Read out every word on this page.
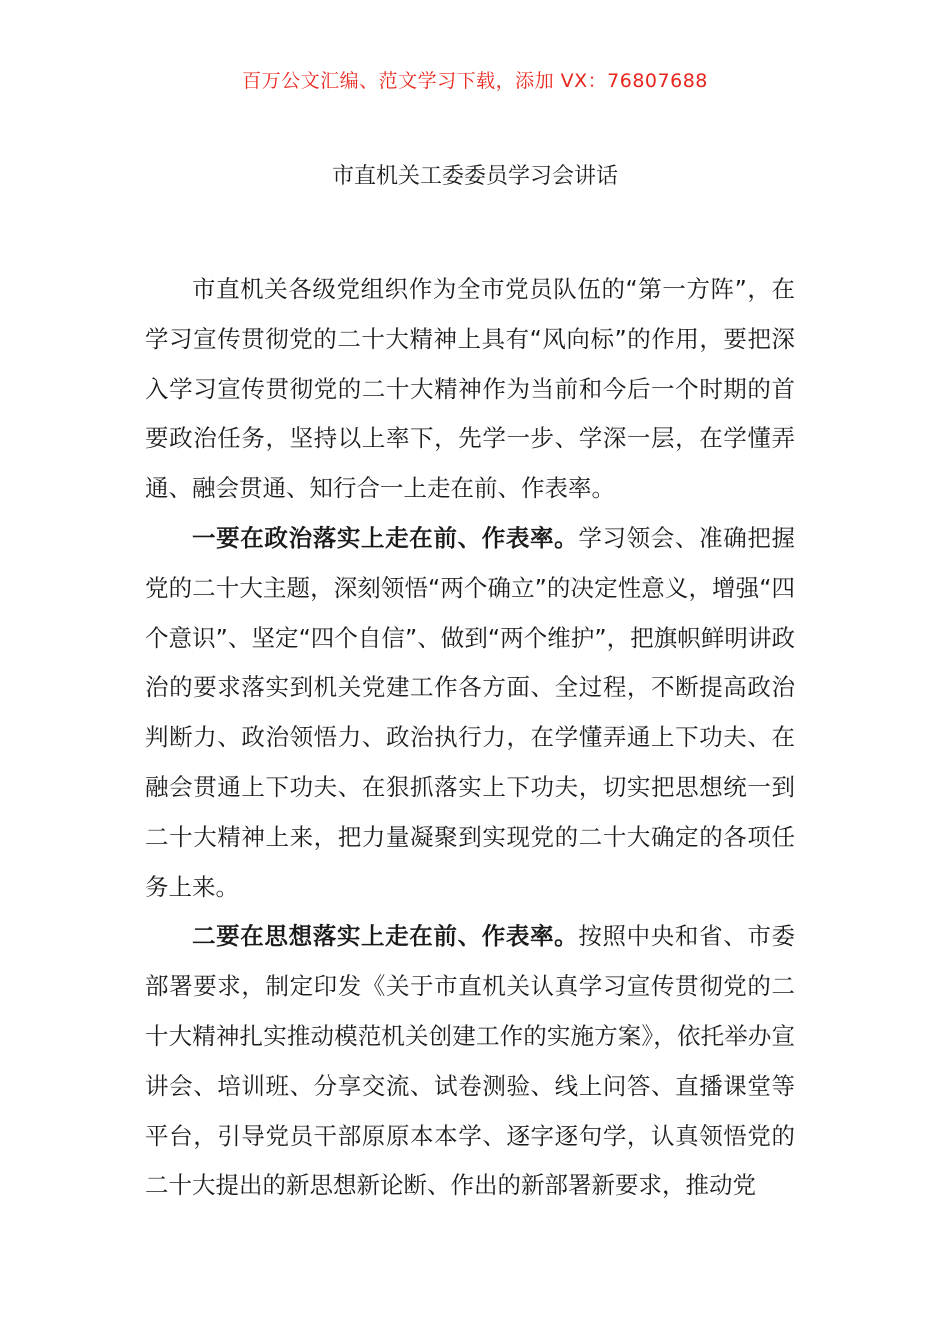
百万公文汇编、范文学习下载，添加 VX：76807688
市直机关工委委员学习会讲话

市直机关各级党组织作为全市党员队伍的“第一方阵”，在学习宣传贯彻党的二十大精神上具有“风向标”的作用，要把深入学习宣传贯彻党的二十大精神作为当前和今后一个时期的首要政治任务，坚持以上率下，先学一步、学深一层，在学懂弄通、融会贯通、知行合一上走在前、作表率。

一要在政治落实上走在前、作表率。学习领会、准确把握党的二十大主题，深刻领悟“两个确立”的决定性意义，增强“四个意识”、坚定“四个自信”、做到“两个维护”，把旗帜鲜明讲政治的要求落实到机关党建工作各方面、全过程，不断提高政治判断力、政治领悟力、政治执行力，在学懂弄通上下功夫、在融会贯通上下功夫、在狠抓落实上下功夫，切实把思想统一到二十大精神上来，把力量凝聚到实现党的二十大确定的各项任务上来。

二要在思想落实上走在前、作表率。按照中央和省、市委部署要求，制定印发《关于市直机关认真学习宣传贯彻党的二十大精神扎实推动模范机关创建工作的实施方案》，依托举办宣讲会、培训班、分享交流、试卷测验、线上问答、直播课堂等平台，引导党员干部原原本本学、逐字逐句学，认真领悟党的二十大提出的新思想新论断、作出的新部署新要求，推动党
